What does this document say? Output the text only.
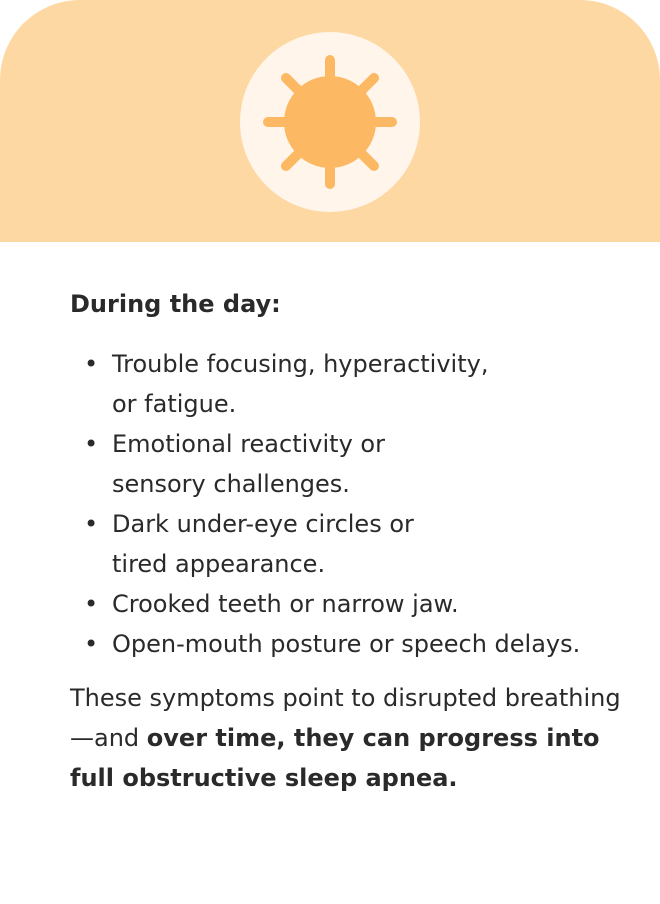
During the day:
• Trouble focusing, hyperactivity,
or fatigue.
• Emotional reactivity or
sensory challenges.
• Dark under-eye circles or
tired appearance.
• Crooked teeth or narrow jaw.
• Open-mouth posture or speech delays.
These symptoms point to disrupted breathing—and over time, they can progress into full obstructive sleep apnea.
